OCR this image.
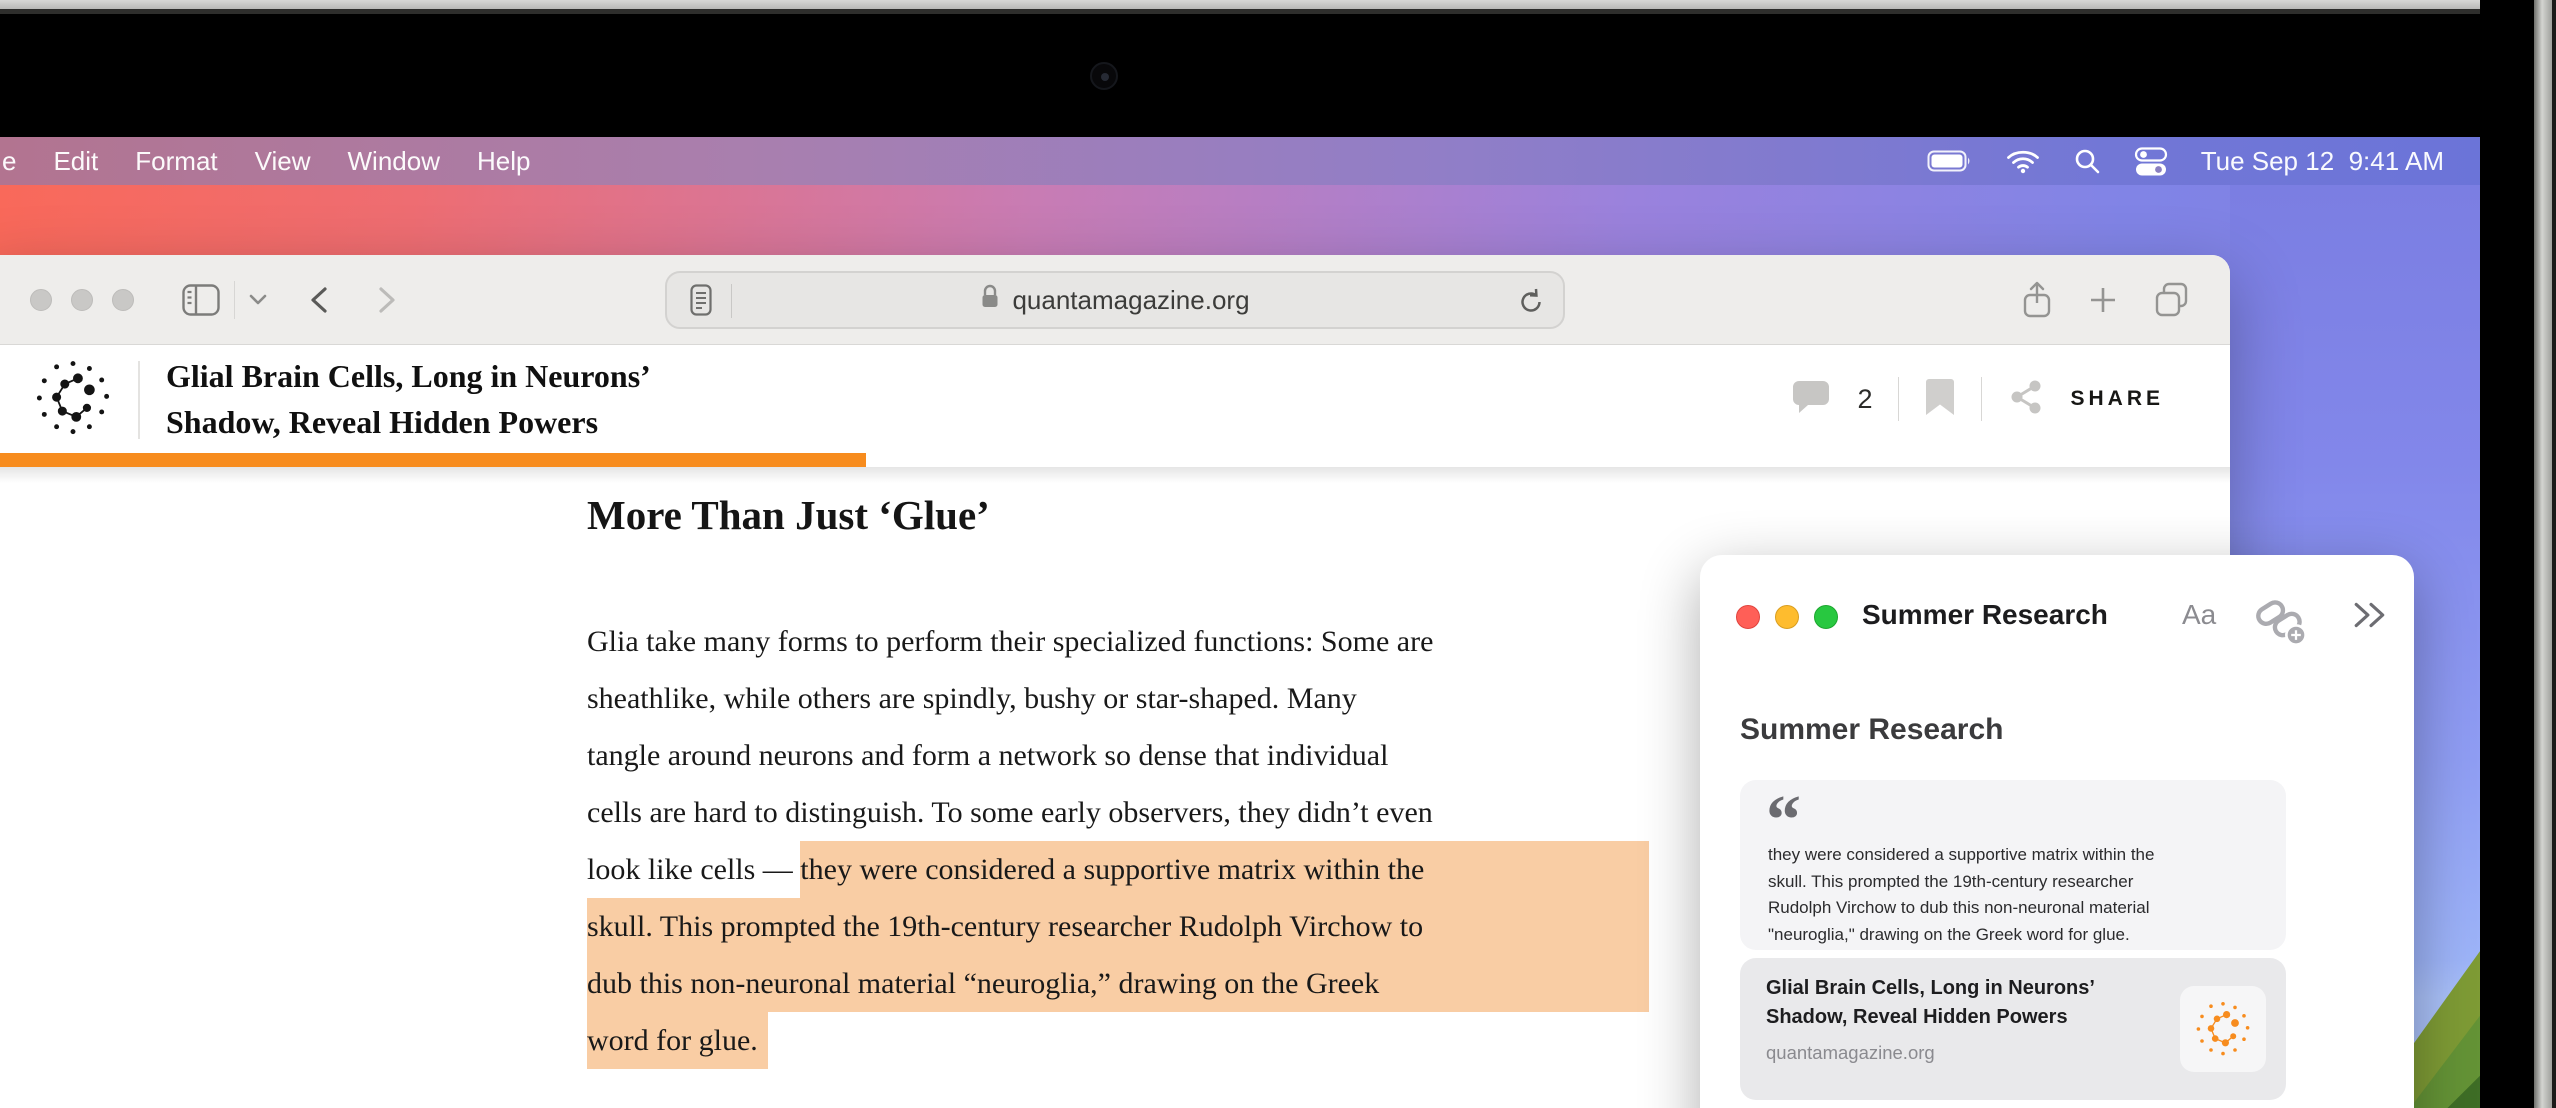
e Edit Format View Window Help	Tue Sep 12  9:41 AM
quantamagazine.org
Glial Brain Cells, Long in Neurons’
Shadow, Reveal Hidden Powers
2	SHARE
More Than Just ‘Glue’
Glia take many forms to perform their specialized functions: Some are
sheathlike, while others are spindly, bushy or star-shaped. Many
tangle around neurons and form a network so dense that individual
cells are hard to distinguish. To some early observers, they didn’t even
look like cells — they were considered a supportive matrix within the
skull. This prompted the 19th-century researcher Rudolph Virchow to
dub this non-neuronal material “neuroglia,” drawing on the Greek
word for glue.
Summer Research	Aa
Summer Research
“
they were considered a supportive matrix within the
skull. This prompted the 19th-century researcher
Rudolph Virchow to dub this non-neuronal material
"neuroglia," drawing on the Greek word for glue.
Glial Brain Cells, Long in Neurons’
Shadow, Reveal Hidden Powers
quantamagazine.org
